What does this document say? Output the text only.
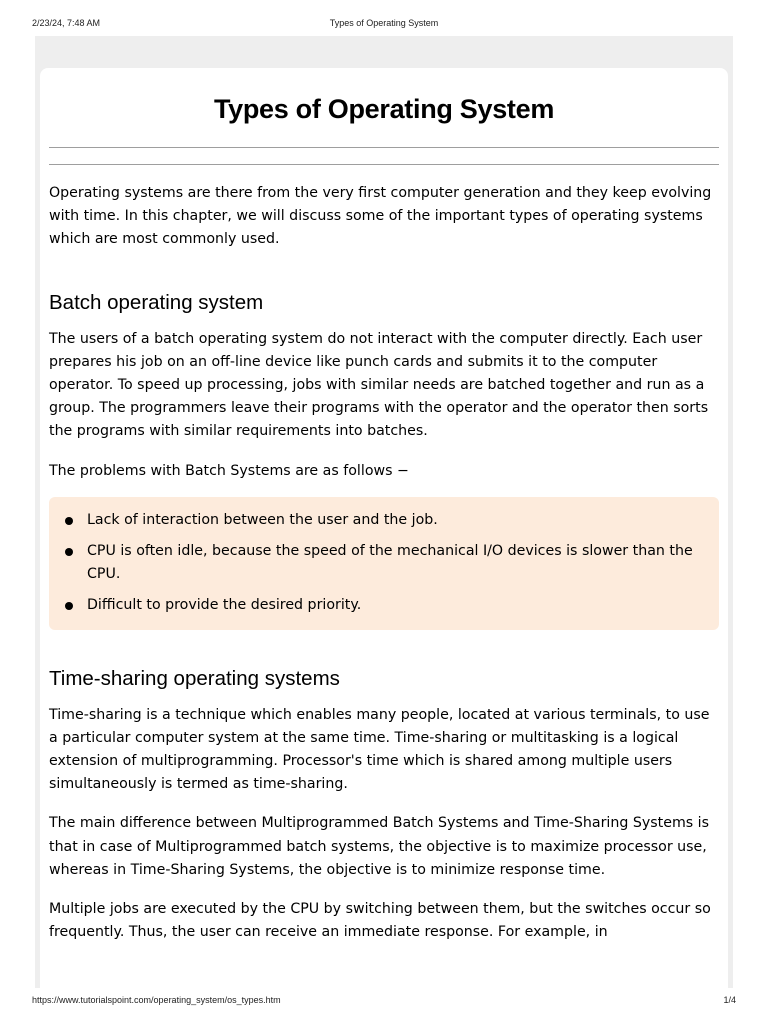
2/23/24, 7:48 AM	Types of Operating System
Types of Operating System

Operating systems are there from the very first computer generation and they keep evolving with time. In this chapter, we will discuss some of the important types of operating systems which are most commonly used.

Batch operating system

The users of a batch operating system do not interact with the computer directly. Each user prepares his job on an off-line device like punch cards and submits it to the computer operator. To speed up processing, jobs with similar needs are batched together and run as a group. The programmers leave their programs with the operator and the operator then sorts the programs with similar requirements into batches.

The problems with Batch Systems are as follows −

Lack of interaction between the user and the job.
CPU is often idle, because the speed of the mechanical I/O devices is slower than the CPU.
Difficult to provide the desired priority.
Time-sharing operating systems

Time-sharing is a technique which enables many people, located at various terminals, to use a particular computer system at the same time. Time-sharing or multitasking is a logical extension of multiprogramming. Processor's time which is shared among multiple users simultaneously is termed as time-sharing.

The main difference between Multiprogrammed Batch Systems and Time-Sharing Systems is that in case of Multiprogrammed batch systems, the objective is to maximize processor use, whereas in Time-Sharing Systems, the objective is to minimize response time.

Multiple jobs are executed by the CPU by switching between them, but the switches occur so frequently. Thus, the user can receive an immediate response. For example, in

https://www.tutorialspoint.com/operating_system/os_types.htm	1/4
